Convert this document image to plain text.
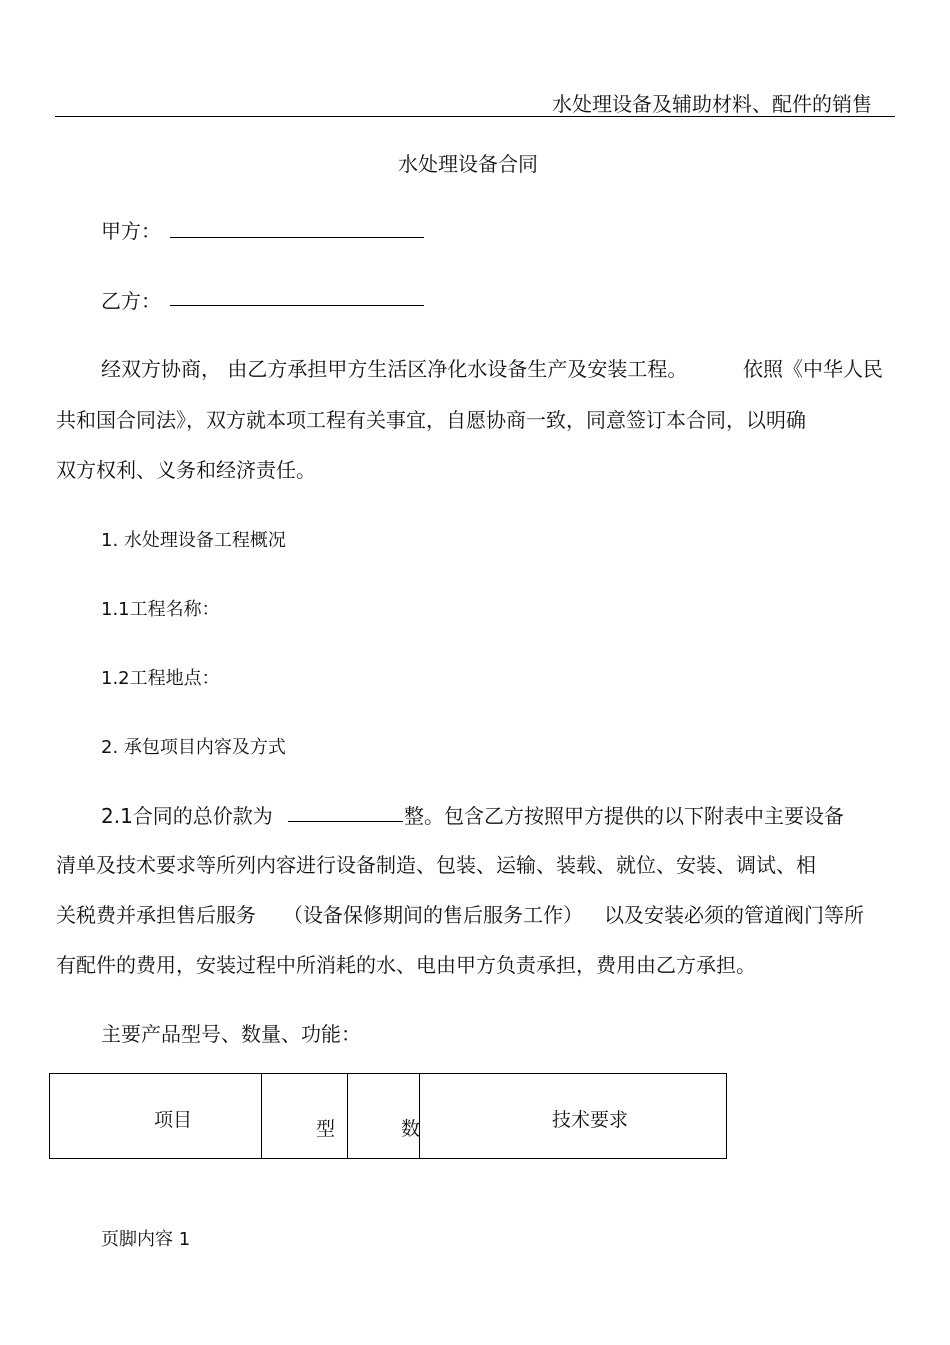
水处理设备及辅助材料、配件的销售
水处理设备合同
甲方：
乙方：
经双方协商， 由乙方承担甲方生活区净化水设备生产及安装工程。	依照《中华人民
共和国合同法》，双方就本项工程有关事宜，自愿协商一致，同意签订本合同，以明确
双方权利、义务和经济责任。
1. 水处理设备工程概况
1.1工程名称：
1.2工程地点：
2. 承包项目内容及方式
2.1合同的总价款为	整。包含乙方按照甲方提供的以下附表中主要设备
清单及技术要求等所列内容进行设备制造、包装、运输、装载、就位、安装、调试、相
关税费并承担售后服务 （设备保修期间的售后服务工作） 以及安装必须的管道阀门等所
有配件的费用，安装过程中所消耗的水、电由甲方负责承担，费用由乙方承担。
主要产品型号、数量、功能：
项目	型	数	技术要求
页脚内容 1
